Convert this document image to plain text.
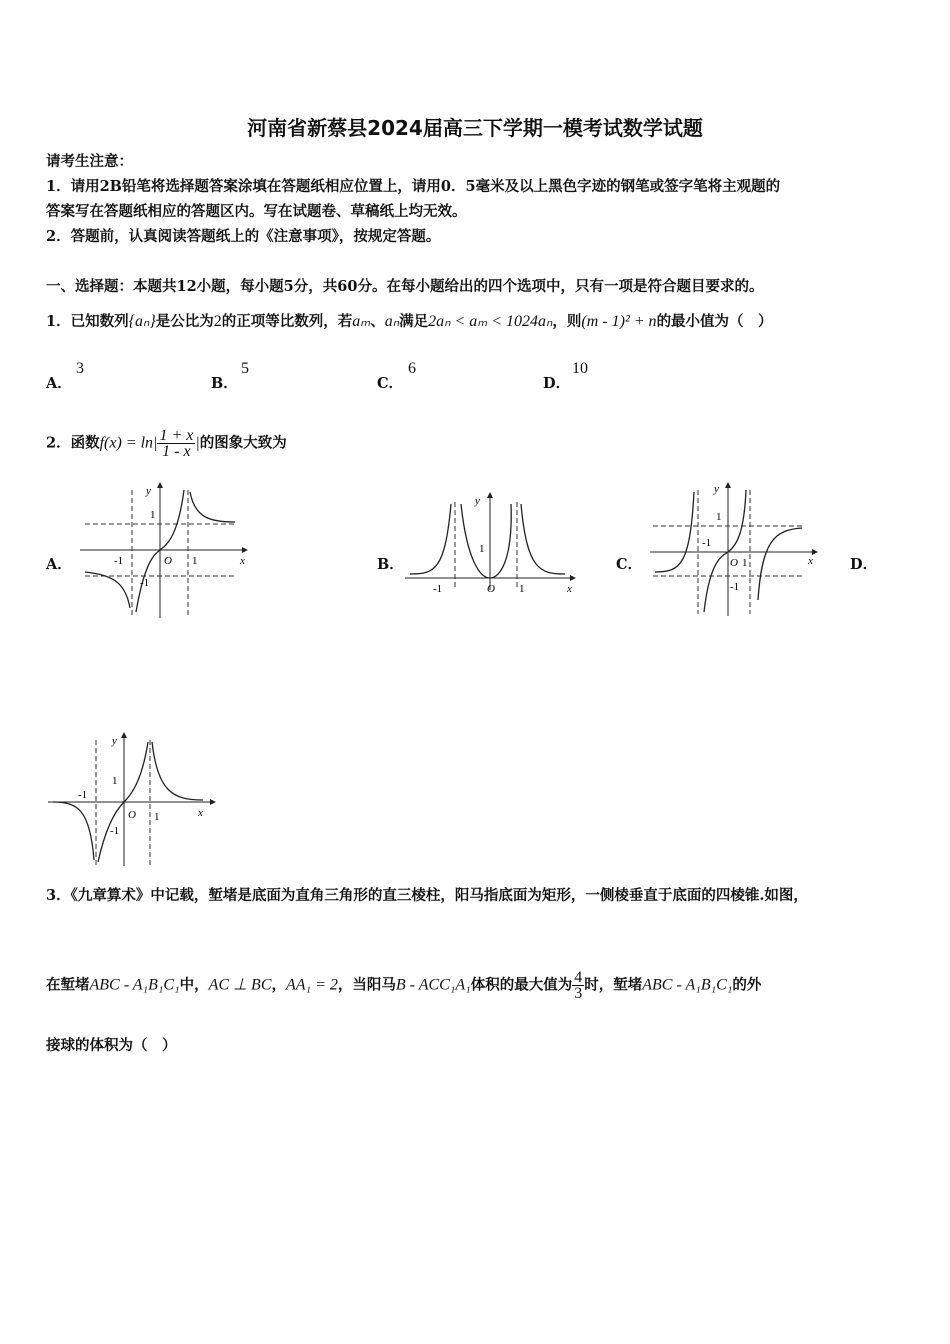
河南省新蔡县2024届高三下学期一模考试数学试题
请考生注意：
1．请用2B铅笔将选择题答案涂填在答题纸相应位置上，请用0．5毫米及以上黑色字迹的钢笔或签字笔将主观题的
答案写在答题纸相应的答题区内。写在试题卷、草稿纸上均无效。
2．答题前，认真阅读答题纸上的《注意事项》，按规定答题。
一、选择题：本题共12小题，每小题5分，共60分。在每小题给出的四个选项中，只有一项是符合题目要求的。
1．已知数列{aₙ}是公比为2的正项等比数列，若aₘ、aₙ满足2aₙ < aₘ < 1024aₙ，则(m - 1)² + n的最小值为（　）
A．
3
B．
5
C．
6
D．
10
2．函数$f(x) = \ln| \frac{1 + x}{1 - x}$ |的图象大致为
A．	B．	C．	D．
y
x
O
1
1
-1
-1
y
x
O
1
1
-1
y
x
O
1
1
-1
-1
y
x
O
1
1
-1
-1
3．《九章算术》中记载，堑堵是底面为直角三角形的直三棱柱，阳马指底面为矩形，一侧棱垂直于底面的四棱锥.如图，
在堑堵ABC - A₁B₁C₁中，AC ⊥ BC，AA₁ = 2，当阳马B - ACC₁A₁体积的最大值为 $\frac{4}{3}$ 时，堑堵ABC - A₁B₁C₁的外
接球的体积为（　）
